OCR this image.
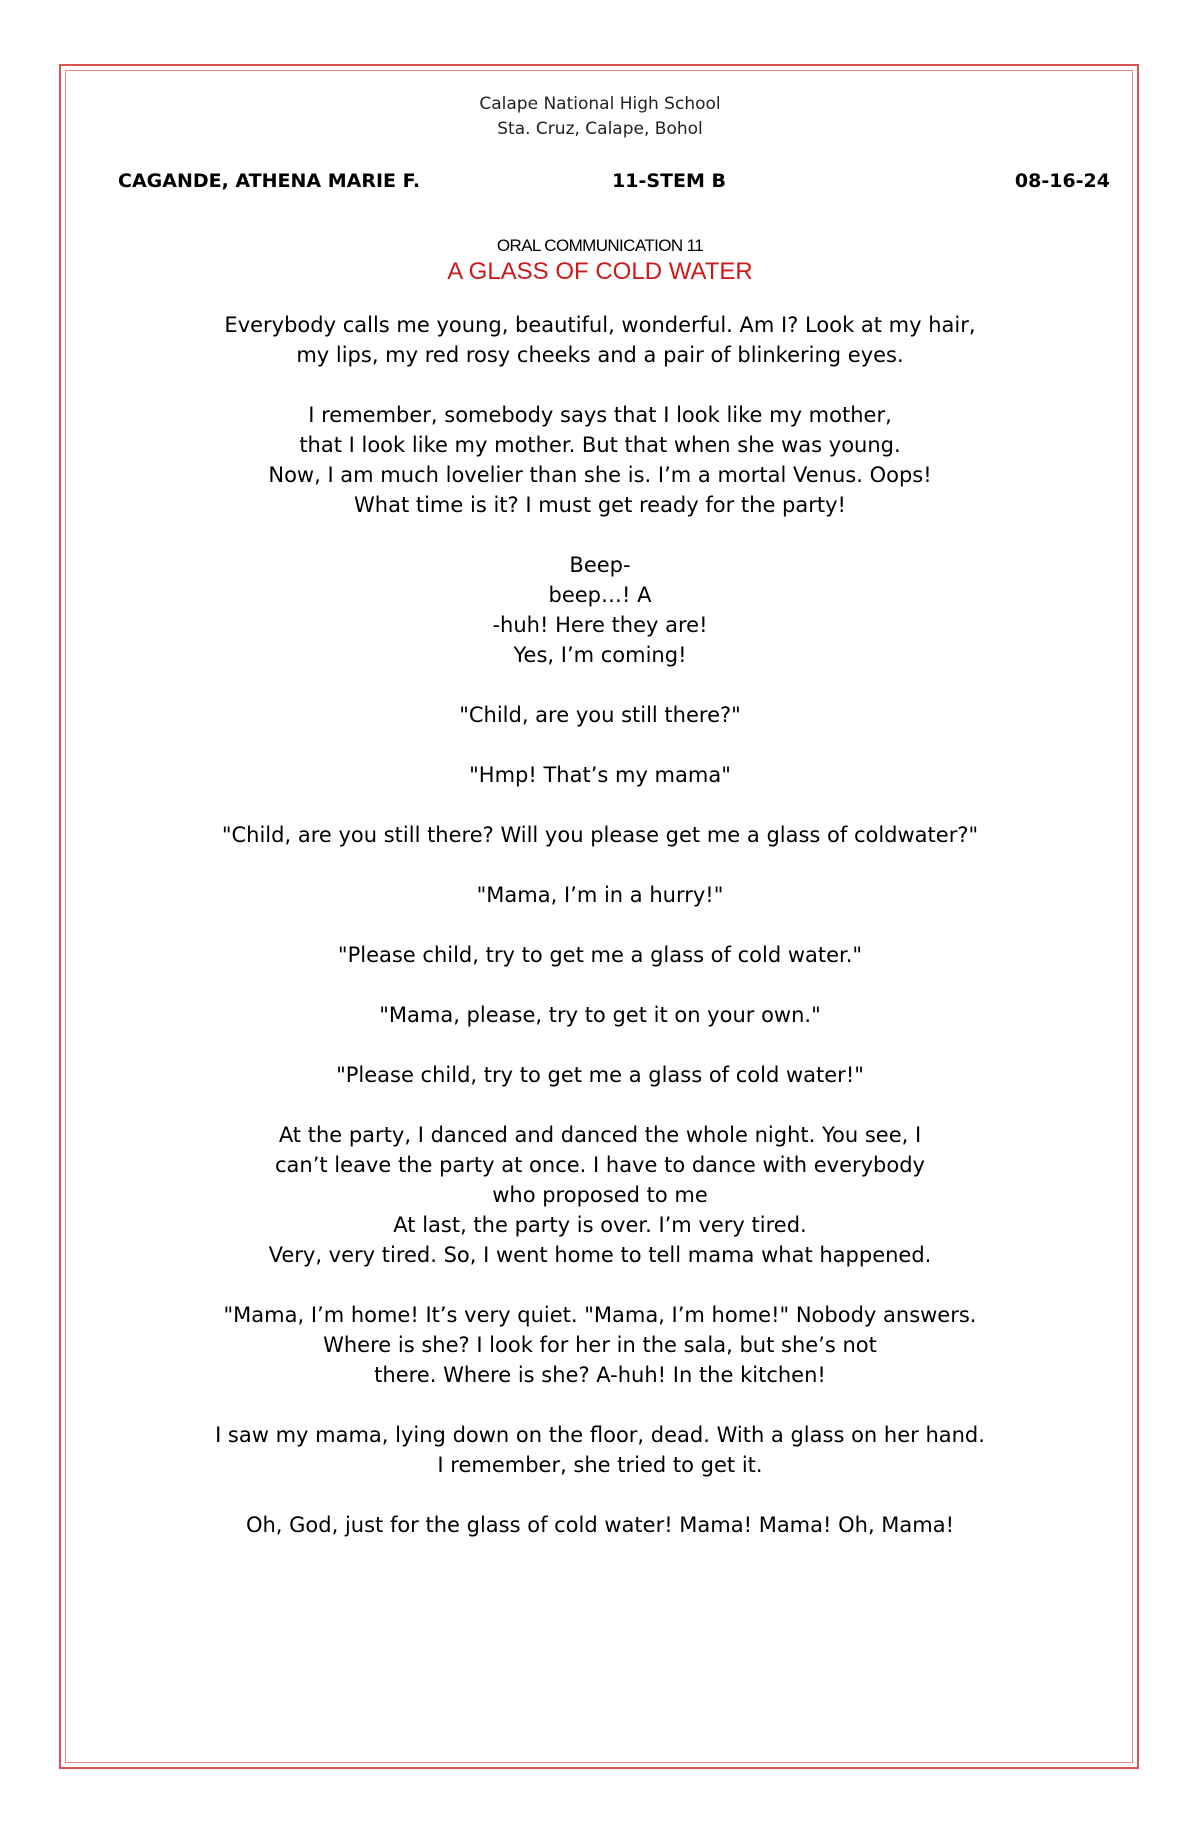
Calape National High School
Sta. Cruz, Calape, Bohol
CAGANDE, ATHENA MARIE F.	11-STEM B	08-16-24
ORAL COMMUNICATION 11
A GLASS OF COLD WATER
Everybody calls me young, beautiful, wonderful. Am I? Look at my hair,
my lips, my red rosy cheeks and a pair of blinkering eyes.
I remember, somebody says that I look like my mother,
that I look like my mother. But that when she was young.
Now, I am much lovelier than she is. I’m a mortal Venus. Oops!
What time is it? I must get ready for the party!
Beep-
beep…! A
-huh! Here they are!
Yes, I’m coming!
"Child, are you still there?"
"Hmp! That’s my mama"
"Child, are you still there? Will you please get me a glass of coldwater?"
"Mama, I’m in a hurry!"
"Please child, try to get me a glass of cold water."
"Mama, please, try to get it on your own."
"Please child, try to get me a glass of cold water!"
At the party, I danced and danced the whole night. You see, I
can’t leave the party at once. I have to dance with everybody
who proposed to me
At last, the party is over. I’m very tired.
Very, very tired. So, I went home to tell mama what happened.
"Mama, I’m home! It’s very quiet. "Mama, I’m home!" Nobody answers.
Where is she? I look for her in the sala, but she’s not
there. Where is she? A-huh! In the kitchen!
I saw my mama, lying down on the floor, dead. With a glass on her hand.
I remember, she tried to get it.
Oh, God, just for the glass of cold water! Mama! Mama! Oh, Mama!
